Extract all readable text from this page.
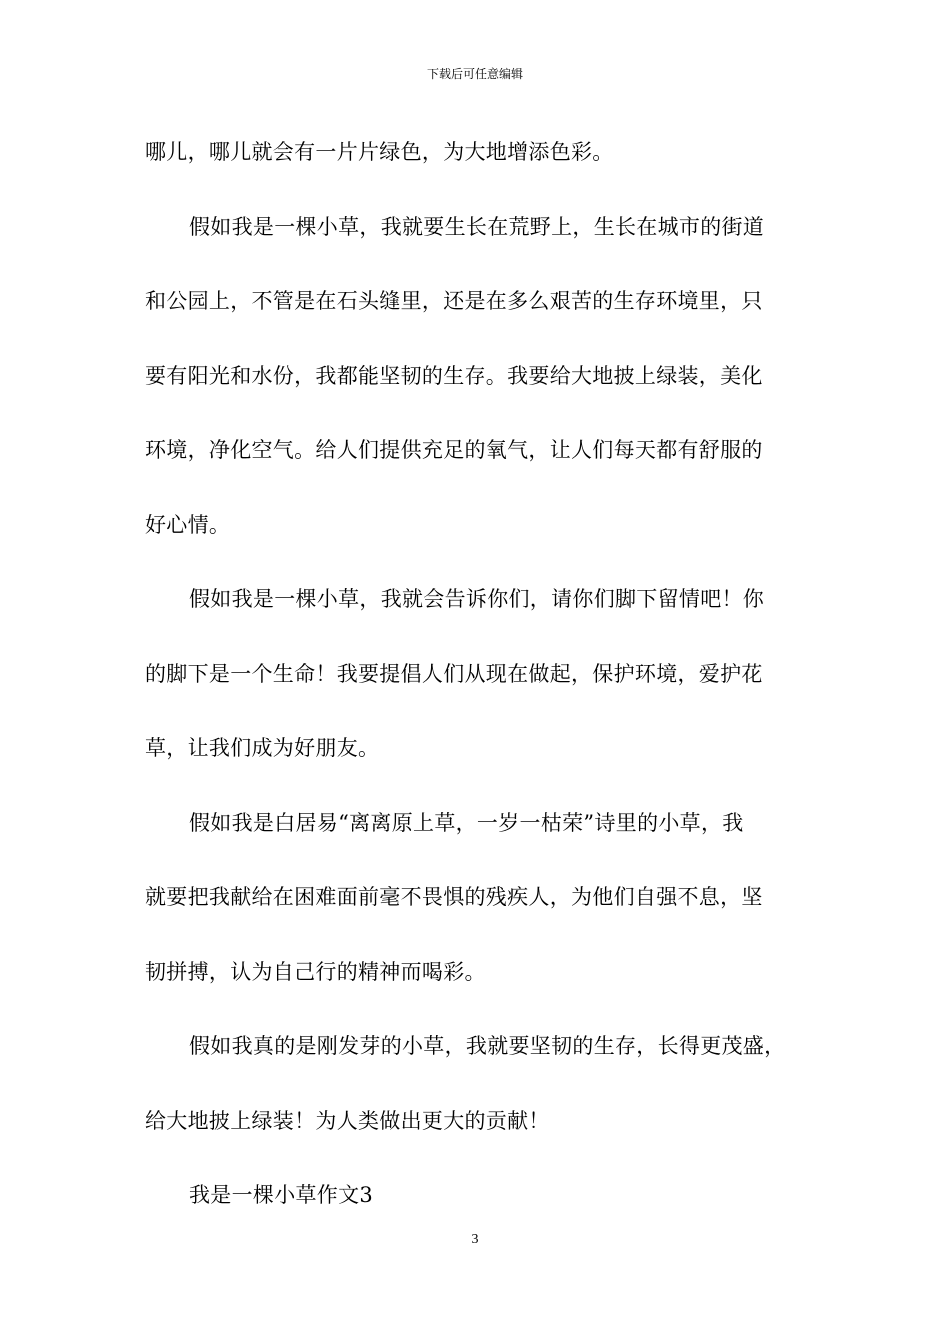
下载后可任意编辑
哪儿，哪儿就会有一片片绿色，为大地增添色彩。
假如我是一棵小草，我就要生长在荒野上，生长在城市的街道
和公园上，不管是在石头缝里，还是在多么艰苦的生存环境里，只
要有阳光和水份，我都能坚韧的生存。我要给大地披上绿装，美化
环境，净化空气。给人们提供充足的氧气，让人们每天都有舒服的
好心情。
假如我是一棵小草，我就会告诉你们，请你们脚下留情吧！你
的脚下是一个生命！我要提倡人们从现在做起，保护环境，爱护花
草，让我们成为好朋友。
假如我是白居易“离离原上草，一岁一枯荣”诗里的小草，我
就要把我献给在困难面前毫不畏惧的残疾人，为他们自强不息，坚
韧拼搏，认为自己行的精神而喝彩。
假如我真的是刚发芽的小草，我就要坚韧的生存，长得更茂盛，
给大地披上绿装！为人类做出更大的贡献！
我是一棵小草作文3
3
